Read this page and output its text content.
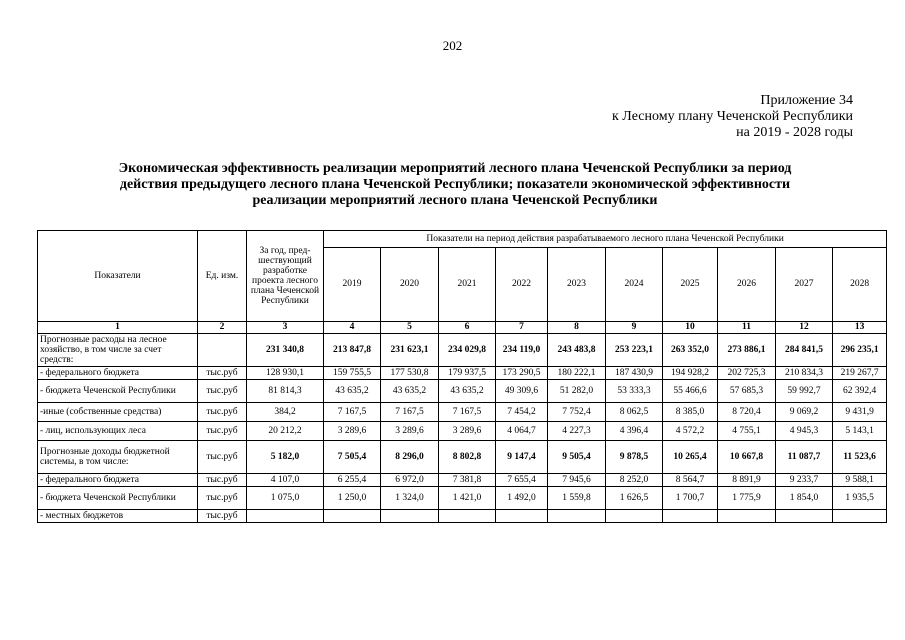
202
Приложение 34
к Лесному плану Чеченской Республики
на 2019 - 2028 годы
Экономическая эффективность реализации мероприятий лесного плана Чеченской Республики за период
действия предыдущего лесного плана Чеченской Республики; показатели экономической эффективности
реализации мероприятий лесного плана Чеченской Республики
Показатели	Ед. изм.	За год, пред-шествующий разработке проекта лесного плана Чеченской Республики	Показатели на период действия разрабатываемого лесного плана Чеченской Республики									
			2019	2020	2021	2022	2023	2024	2025	2026	2027	2028
1	2	3	4	5	6	7	8	9	10	11	12	13
Прогнозные расходы на лесное хозяйство, в том числе за счет средств:		231 340,8	213 847,8	231 623,1	234 029,8	234 119,0	243 483,8	253 223,1	263 352,0	273 886,1	284 841,5	296 235,1
- федерального бюджета	тыс.руб	128 930,1	159 755,5	177 530,8	179 937,5	173 290,5	180 222,1	187 430,9	194 928,2	202 725,3	210 834,3	219 267,7
- бюджета Чеченской Республики	тыс.руб	81 814,3	43 635,2	43 635,2	43 635,2	49 309,6	51 282,0	53 333,3	55 466,6	57 685,3	59 992,7	62 392,4
-иные (собственные средства)	тыс.руб	384,2	7 167,5	7 167,5	7 167,5	7 454,2	7 752,4	8 062,5	8 385,0	8 720,4	9 069,2	9 431,9
- лиц, использующих леса	тыс.руб	20 212,2	3 289,6	3 289,6	3 289,6	4 064,7	4 227,3	4 396,4	4 572,2	4 755,1	4 945,3	5 143,1
Прогнозные доходы бюджетной системы, в том числе:	тыс.руб	5 182,0	7 505,4	8 296,0	8 802,8	9 147,4	9 505,4	9 878,5	10 265,4	10 667,8	11 087,7	11 523,6
- федерального бюджета	тыс.руб	4 107,0	6 255,4	6 972,0	7 381,8	7 655,4	7 945,6	8 252,0	8 564,7	8 891,9	9 233,7	9 588,1
- бюджета Чеченской Республики	тыс.руб	1 075,0	1 250,0	1 324,0	1 421,0	1 492,0	1 559,8	1 626,5	1 700,7	1 775,9	1 854,0	1 935,5
- местных бюджетов	тыс.руб											
